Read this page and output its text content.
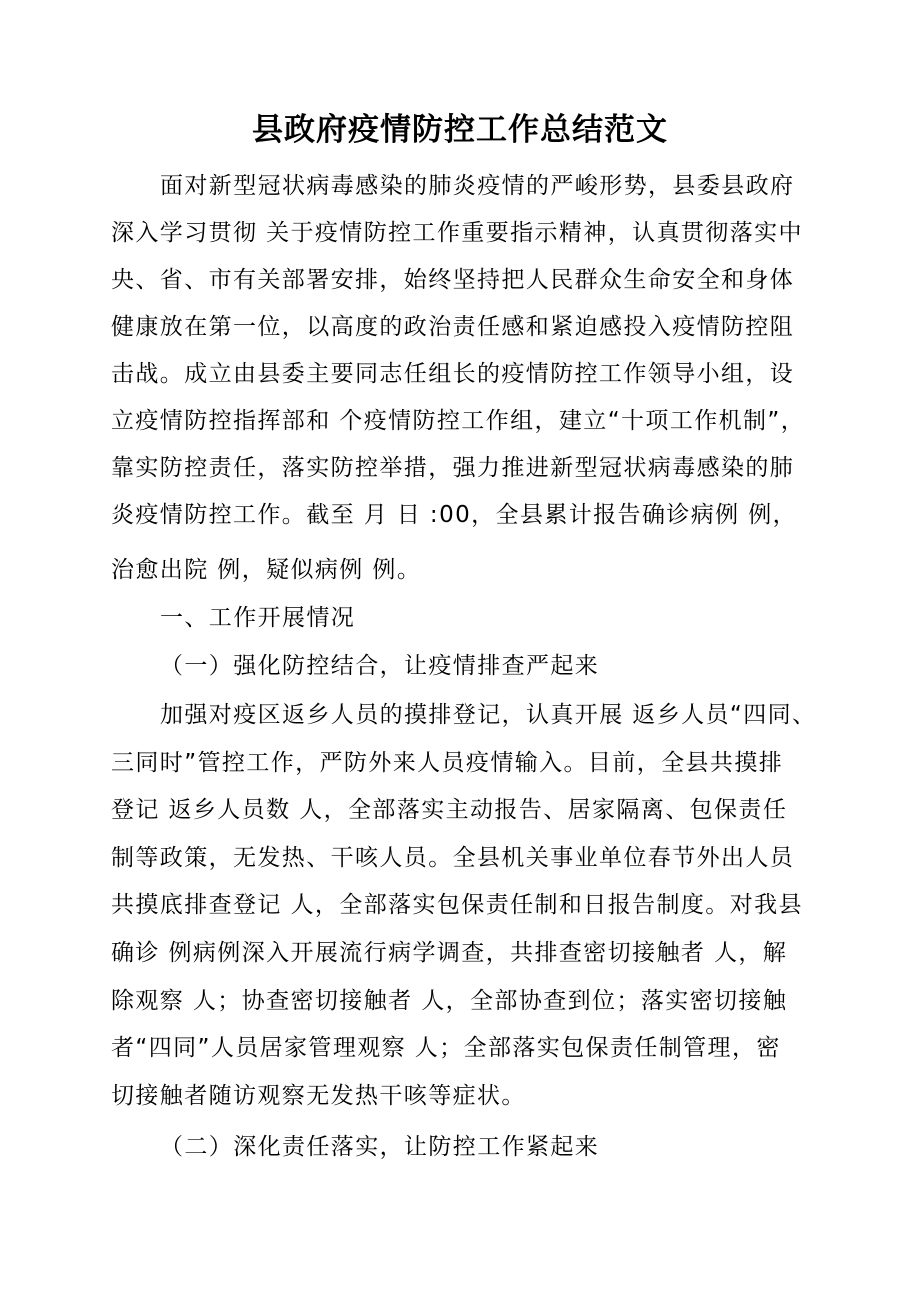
县政府疫情防控工作总结范文
面对新型冠状病毒感染的肺炎疫情的严峻形势，县委县政府
深入学习贯彻 关于疫情防控工作重要指示精神，认真贯彻落实中
央、省、市有关部署安排，始终坚持把人民群众生命安全和身体
健康放在第一位，以高度的政治责任感和紧迫感投入疫情防控阻
击战。成立由县委主要同志任组长的疫情防控工作领导小组，设
立疫情防控指挥部和 个疫情防控工作组，建立“十项工作机制”，
靠实防控责任，落实防控举措，强力推进新型冠状病毒感染的肺
炎疫情防控工作。截至 月 日 :00，全县累计报告确诊病例 例，
治愈出院 例，疑似病例 例。
一、工作开展情况
（一）强化防控结合，让疫情排查严起来
加强对疫区返乡人员的摸排登记，认真开展 返乡人员“四同、
三同时”管控工作，严防外来人员疫情输入。目前，全县共摸排
登记 返乡人员数 人，全部落实主动报告、居家隔离、包保责任
制等政策，无发热、干咳人员。全县机关事业单位春节外出人员
共摸底排查登记 人，全部落实包保责任制和日报告制度。对我县
确诊 例病例深入开展流行病学调查，共排查密切接触者 人，解
除观察 人；协查密切接触者 人，全部协查到位；落实密切接触
者“四同”人员居家管理观察 人；全部落实包保责任制管理，密
切接触者随访观察无发热干咳等症状。
（二）深化责任落实，让防控工作紧起来
